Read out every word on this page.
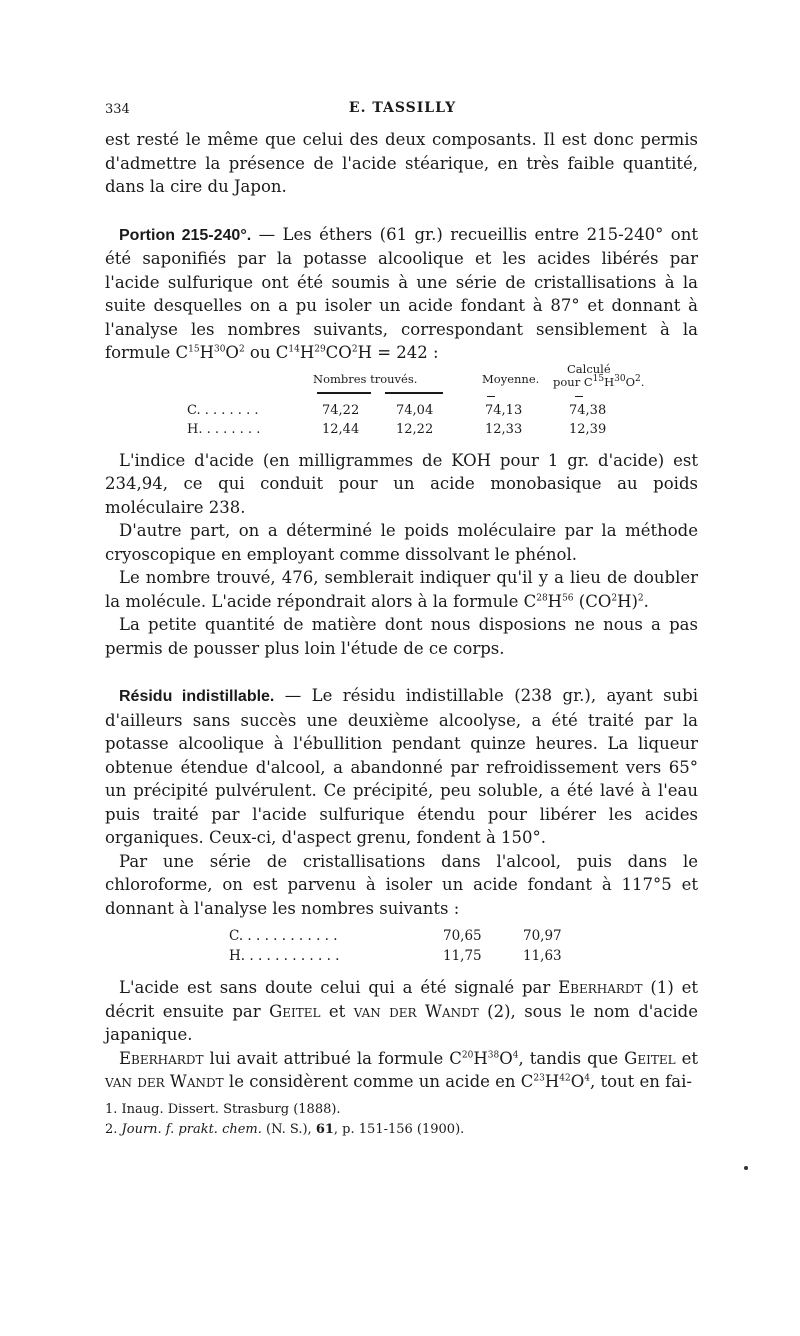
334	E. TASSILLY

est resté le même que celui des deux composants. Il est donc permis d'admettre la présence de l'acide stéarique, en très faible quantité, dans la cire du Japon.

Portion 215-240°. — Les éthers (61 gr.) recueillis entre 215-240° ont été saponifiés par la potasse alcoolique et les acides libérés par l'acide sulfurique ont été soumis à une série de cristallisations à la suite desquelles on a pu isoler un acide fondant à 87° et donnant à l'analyse les nombres suivants, correspondant sensiblement à la formule $C^{15}H^{30}O^2$ ou $C^{14}H^{29}CO^2H = 242$ :

Nombres trouvés.	Moyenne.
Calculé
pour $C^{15}H^{30}O^2$.
C. . . . . . . .	74,22	74,04	74,13	74,38
H. . . . . . . .	12,44	12,22	12,33	12,39

L'indice d'acide (en milligrammes de KOH pour 1 gr. d'acide) est 234,94, ce qui conduit pour un acide monobasique au poids moléculaire 238.

D'autre part, on a déterminé le poids moléculaire par la méthode cryoscopique en employant comme dissolvant le phénol.

Le nombre trouvé, 476, semblerait indiquer qu'il y a lieu de doubler la molécule. L'acide répondrait alors à la formule $C^{28}H^{56}$ $(CO^2H)^2$.

La petite quantité de matière dont nous disposions ne nous a pas permis de pousser plus loin l'étude de ce corps.

Résidu indistillable. — Le résidu indistillable (238 gr.), ayant subi d'ailleurs sans succès une deuxième alcoolyse, a été traité par la potasse alcoolique à l'ébullition pendant quinze heures. La liqueur obtenue étendue d'alcool, a abandonné par refroidissement vers 65° un précipité pulvérulent. Ce précipité, peu soluble, a été lavé à l'eau puis traité par l'acide sulfurique étendu pour libérer les acides organiques. Ceux-ci, d'aspect grenu, fondent à 150°.

Par une série de cristallisations dans l'alcool, puis dans le chloroforme, on est parvenu à isoler un acide fondant à 117°5 et donnant à l'analyse les nombres suivants :

C. . . . . . . . . . . .	70,65	70,97
H. . . . . . . . . . . .	11,75	11,63

L'acide est sans doute celui qui a été signalé par Eberhardt (1) et décrit ensuite par Geitel et van der Wandt (2), sous le nom d'acide japanique.

Eberhardt lui avait attribué la formule $C^{20}H^{38}O^4$, tandis que Geitel et van der Wandt le considèrent comme un acide en $C^{23}H^{42}O^4$, tout en fai-

1. Inaug. Dissert. Strasburg (1888).

2. Journ. f. prakt. chem. (N. S.), 61, p. 151-156 (1900).
